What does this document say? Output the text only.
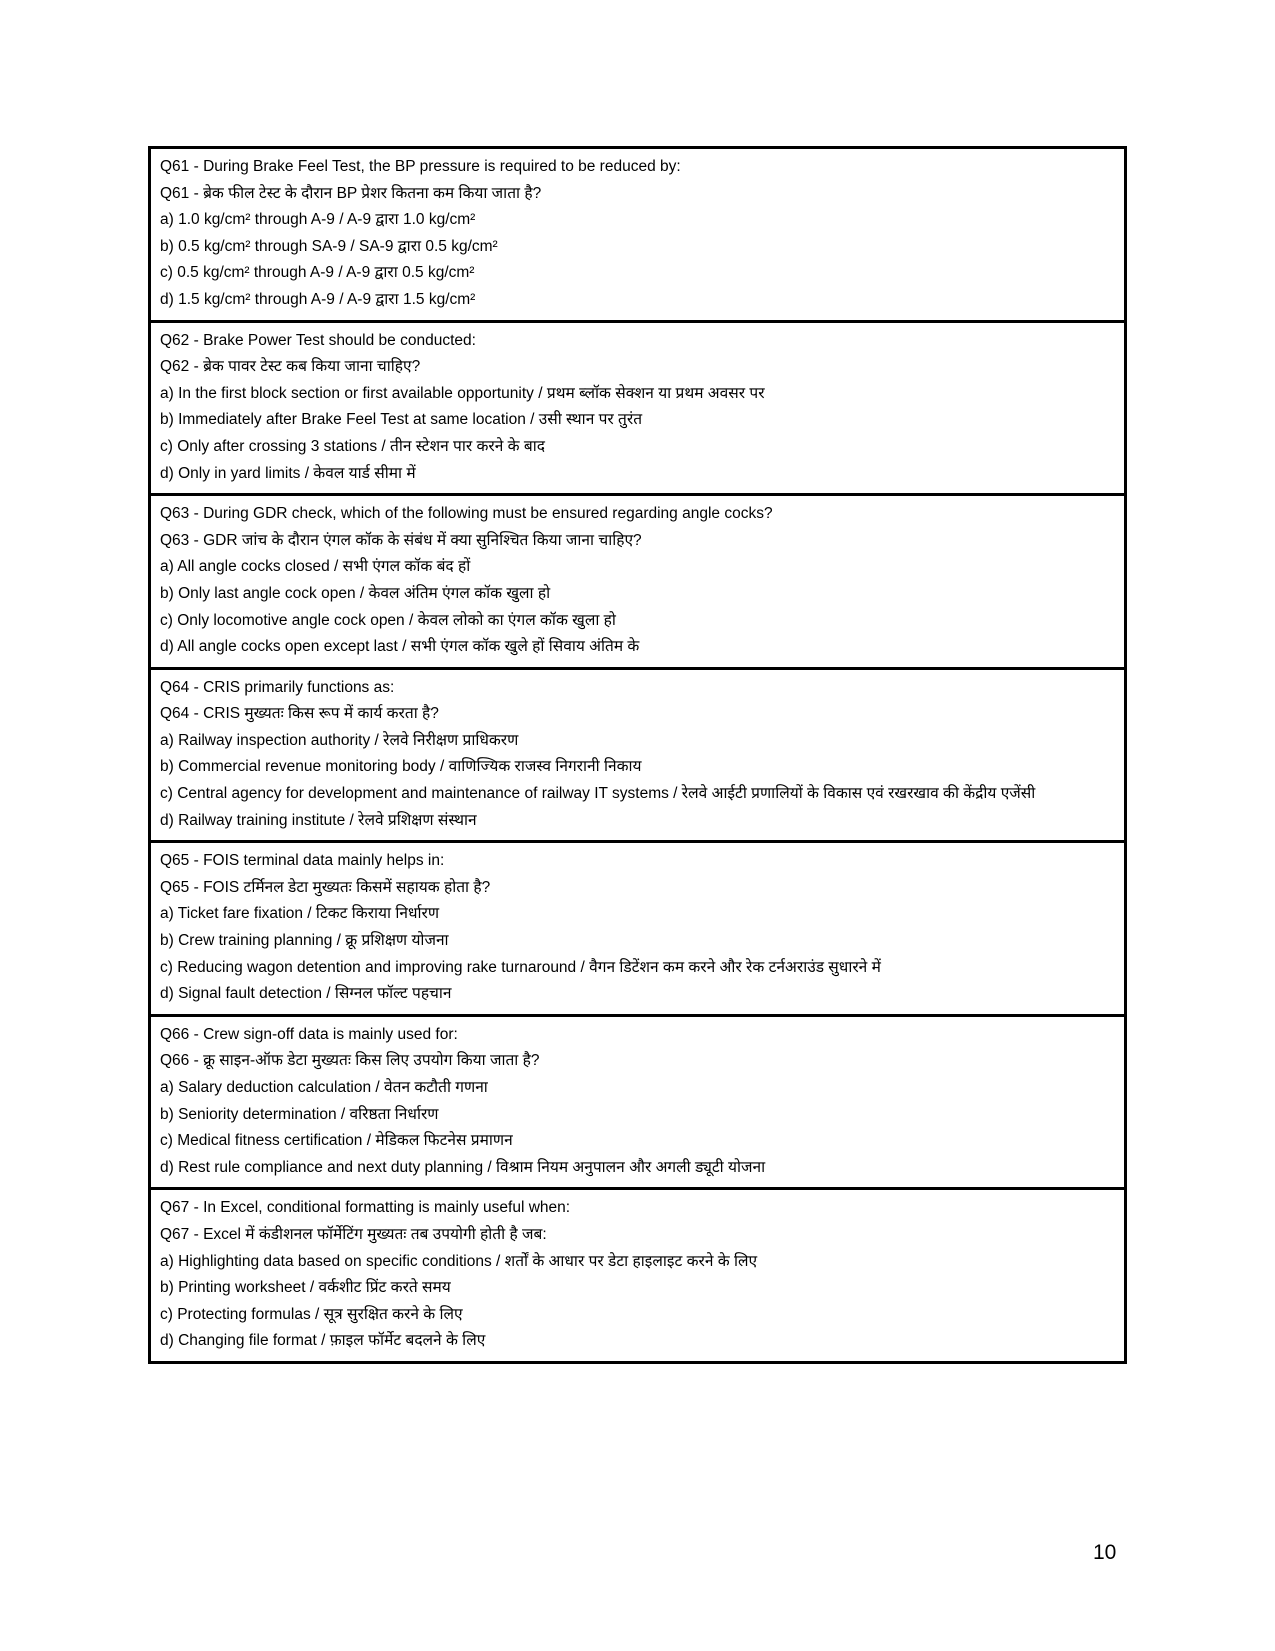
Q61 - During Brake Feel Test, the BP pressure is required to be reduced by:
Q61 - ब्रेक फील टेस्ट के दौरान BP प्रेशर कितना कम किया जाता है?
a) 1.0 kg/cm² through A-9 / A-9 द्वारा 1.0 kg/cm²
b) 0.5 kg/cm² through SA-9 / SA-9 द्वारा 0.5 kg/cm²
c) 0.5 kg/cm² through A-9 / A-9 द्वारा 0.5 kg/cm²
d) 1.5 kg/cm² through A-9 / A-9 द्वारा 1.5 kg/cm²
Q62 - Brake Power Test should be conducted:
Q62 - ब्रेक पावर टेस्ट कब किया जाना चाहिए?
a) In the first block section or first available opportunity / प्रथम ब्लॉक सेक्शन या प्रथम अवसर पर
b) Immediately after Brake Feel Test at same location / उसी स्थान पर तुरंत
c) Only after crossing 3 stations / तीन स्टेशन पार करने के बाद
d) Only in yard limits / केवल यार्ड सीमा में
Q63 - During GDR check, which of the following must be ensured regarding angle cocks?
Q63 - GDR जांच के दौरान एंगल कॉक के संबंध में क्या सुनिश्चित किया जाना चाहिए?
a) All angle cocks closed / सभी एंगल कॉक बंद हों
b) Only last angle cock open / केवल अंतिम एंगल कॉक खुला हो
c) Only locomotive angle cock open / केवल लोको का एंगल कॉक खुला हो
d) All angle cocks open except last / सभी एंगल कॉक खुले हों सिवाय अंतिम के
Q64 - CRIS primarily functions as:
Q64 - CRIS मुख्यतः किस रूप में कार्य करता है?
a) Railway inspection authority / रेलवे निरीक्षण प्राधिकरण
b) Commercial revenue monitoring body / वाणिज्यिक राजस्व निगरानी निकाय
c) Central agency for development and maintenance of railway IT systems / रेलवे आईटी प्रणालियों के विकास एवं रखरखाव की केंद्रीय एजेंसी
d) Railway training institute / रेलवे प्रशिक्षण संस्थान
Q65 - FOIS terminal data mainly helps in:
Q65 - FOIS टर्मिनल डेटा मुख्यतः किसमें सहायक होता है?
a) Ticket fare fixation / टिकट किराया निर्धारण
b) Crew training planning / क्रू प्रशिक्षण योजना
c) Reducing wagon detention and improving rake turnaround / वैगन डिटेंशन कम करने और रेक टर्नअराउंड सुधारने में
d) Signal fault detection / सिग्नल फॉल्ट पहचान
Q66 - Crew sign-off data is mainly used for:
Q66 - क्रू साइन-ऑफ डेटा मुख्यतः किस लिए उपयोग किया जाता है?
a) Salary deduction calculation / वेतन कटौती गणना
b) Seniority determination / वरिष्ठता निर्धारण
c) Medical fitness certification / मेडिकल फिटनेस प्रमाणन
d) Rest rule compliance and next duty planning / विश्राम नियम अनुपालन और अगली ड्यूटी योजना
Q67 - In Excel, conditional formatting is mainly useful when:
Q67 - Excel में कंडीशनल फॉर्मेटिंग मुख्यतः तब उपयोगी होती है जब:
a) Highlighting data based on specific conditions / शर्तों के आधार पर डेटा हाइलाइट करने के लिए
b) Printing worksheet / वर्कशीट प्रिंट करते समय
c) Protecting formulas / सूत्र सुरक्षित करने के लिए
d) Changing file format / फ़ाइल फॉर्मेट बदलने के लिए
10
